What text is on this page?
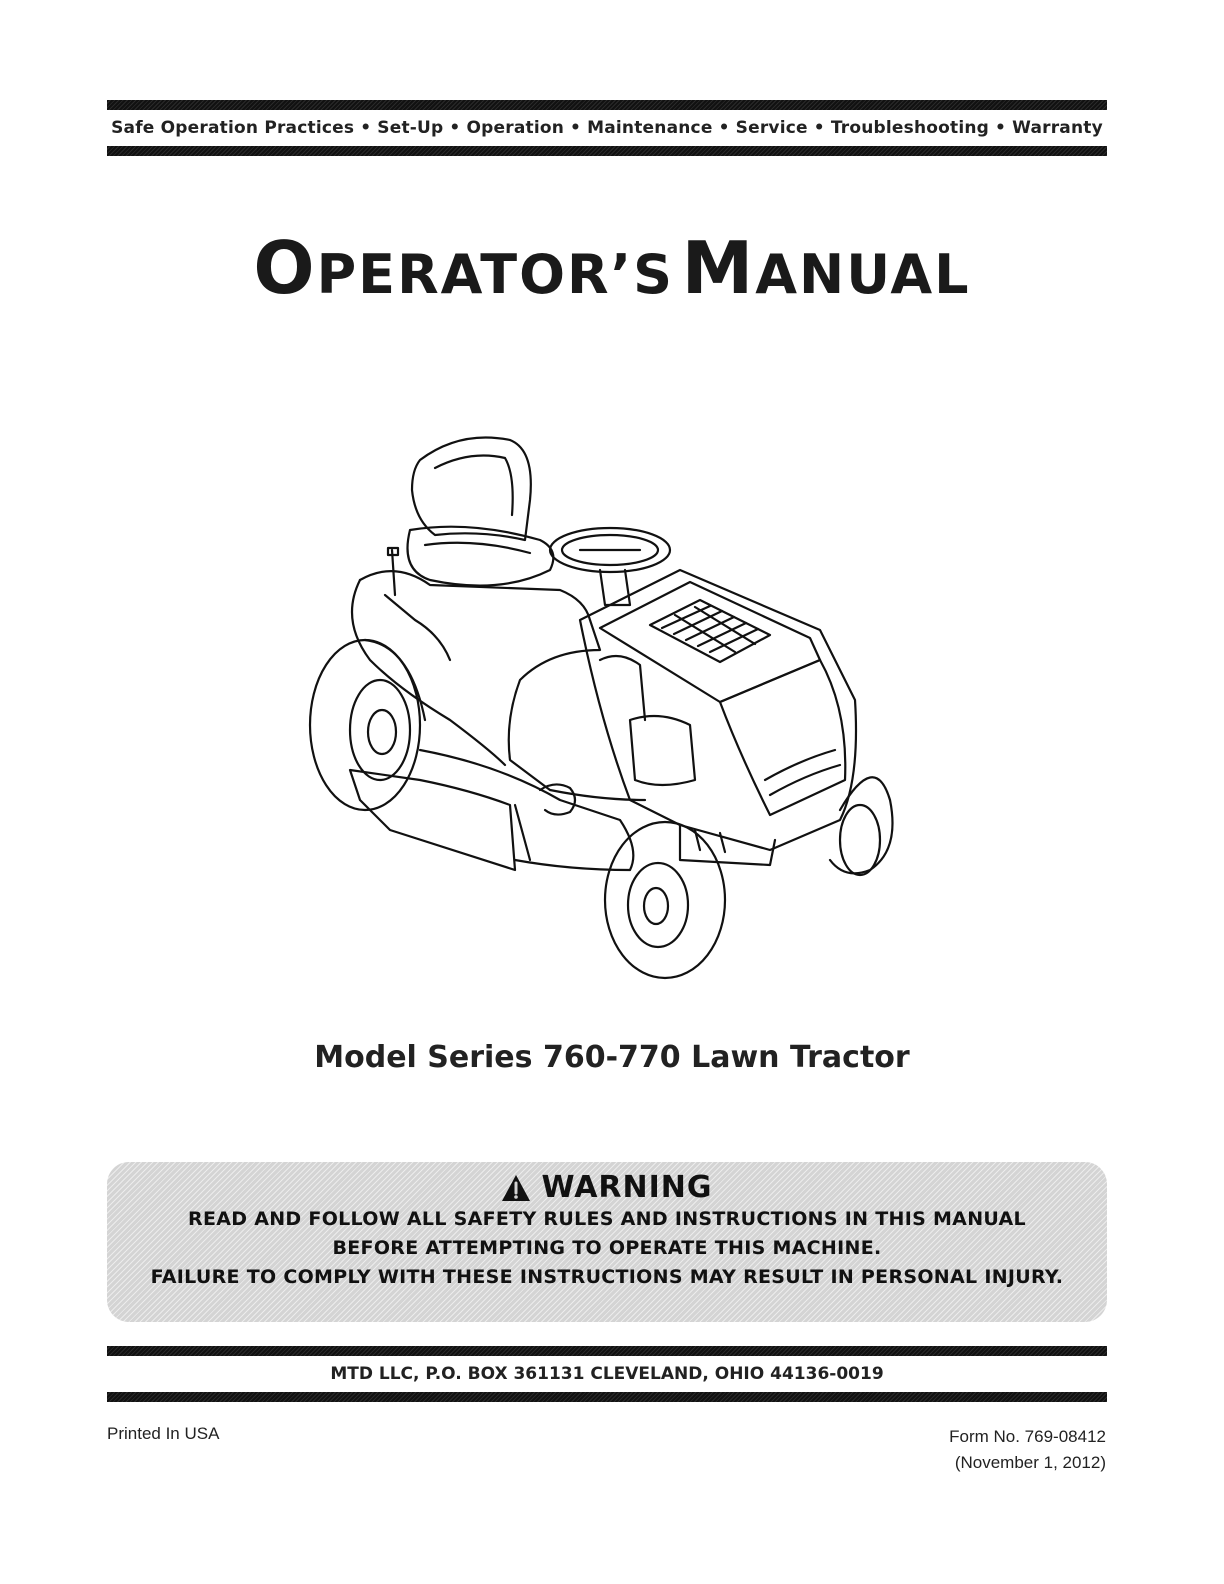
Safe Operation Practices • Set-Up • Operation • Maintenance • Service • Troubleshooting • Warranty
OPERATOR’S MANUAL
Model Series 760-770 Lawn Tractor
WARNING
READ AND FOLLOW ALL SAFETY RULES AND INSTRUCTIONS IN THIS MANUAL
BEFORE ATTEMPTING TO OPERATE THIS MACHINE.
FAILURE TO COMPLY WITH THESE INSTRUCTIONS MAY RESULT IN PERSONAL INJURY.
MTD LLC, P.O. BOX 361131 CLEVELAND, OHIO 44136-0019
Printed In USA	Form No. 769-08412
(November 1, 2012)
